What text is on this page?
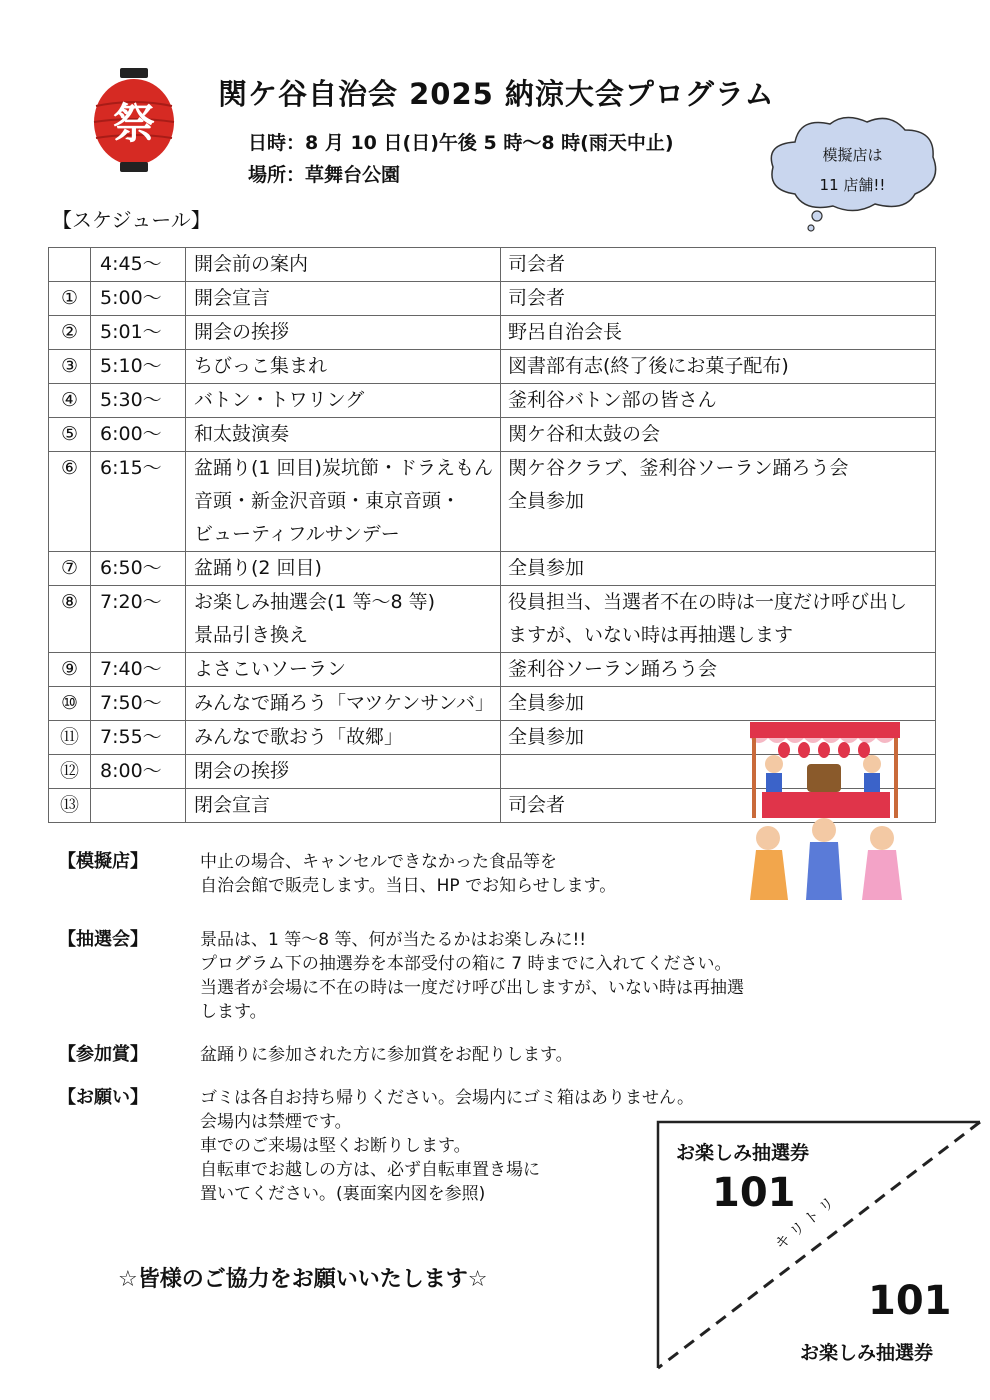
祭
関ケ谷自治会 2025 納涼大会プログラム
日時：8 月 10 日(日)午後 5 時～8 時(雨天中止)
場所：草舞台公園
模擬店は
11 店舗!!
【スケジュール】

	4:45～	開会前の案内	司会者

①	5:00～	開会宣言	司会者

②	5:01～	開会の挨拶	野呂自治会長

③	5:10～	ちびっこ集まれ	図書部有志(終了後にお菓子配布)

④	5:30～	バトン・トワリング	釜利谷バトン部の皆さん

⑤	6:00～	和太鼓演奏	関ケ谷和太鼓の会

⑥	6:15～	盆踊り(1 回目)炭坑節・ドラえもん
音頭・新金沢音頭・東京音頭・
ビューティフルサンデー	関ケ谷クラブ、釜利谷ソーラン踊ろう会
全員参加

⑦	6:50～	盆踊り(2 回目)	全員参加

⑧	7:20～	お楽しみ抽選会(1 等～8 等)
景品引き換え	役員担当、当選者不在の時は一度だけ呼び出し
ますが、いない時は再抽選します

⑨	7:40～	よさこいソーラン	釜利谷ソーラン踊ろう会

⑩	7:50～	みんなで踊ろう「マツケンサンバ」	全員参加

⑪	7:55～	みんなで歌おう「故郷」	全員参加

⑫	8:00～	閉会の挨拶	

⑬		閉会宣言	司会者
【模擬店】	中止の場合、キャンセルできなかった食品等を
自治会館で販売します。当日、HP でお知らせします。
【抽選会】	景品は、1 等～8 等、何が当たるかはお楽しみに!!
プログラム下の抽選券を本部受付の箱に 7 時までに入れてください。
当選者が会場に不在の時は一度だけ呼び出しますが、いない時は再抽選
します。
【参加賞】	盆踊りに参加された方に参加賞をお配りします。
【お願い】	ゴミは各自お持ち帰りください。会場内にゴミ箱はありません。
会場内は禁煙です。
車でのご来場は堅くお断りします。
自転車でお越しの方は、必ず自転車置き場に
置いてください。(裏面案内図を参照)
☆皆様のご協力をお願いいたします☆
お楽しみ抽選券
101
キリトリ
101
お楽しみ抽選券
